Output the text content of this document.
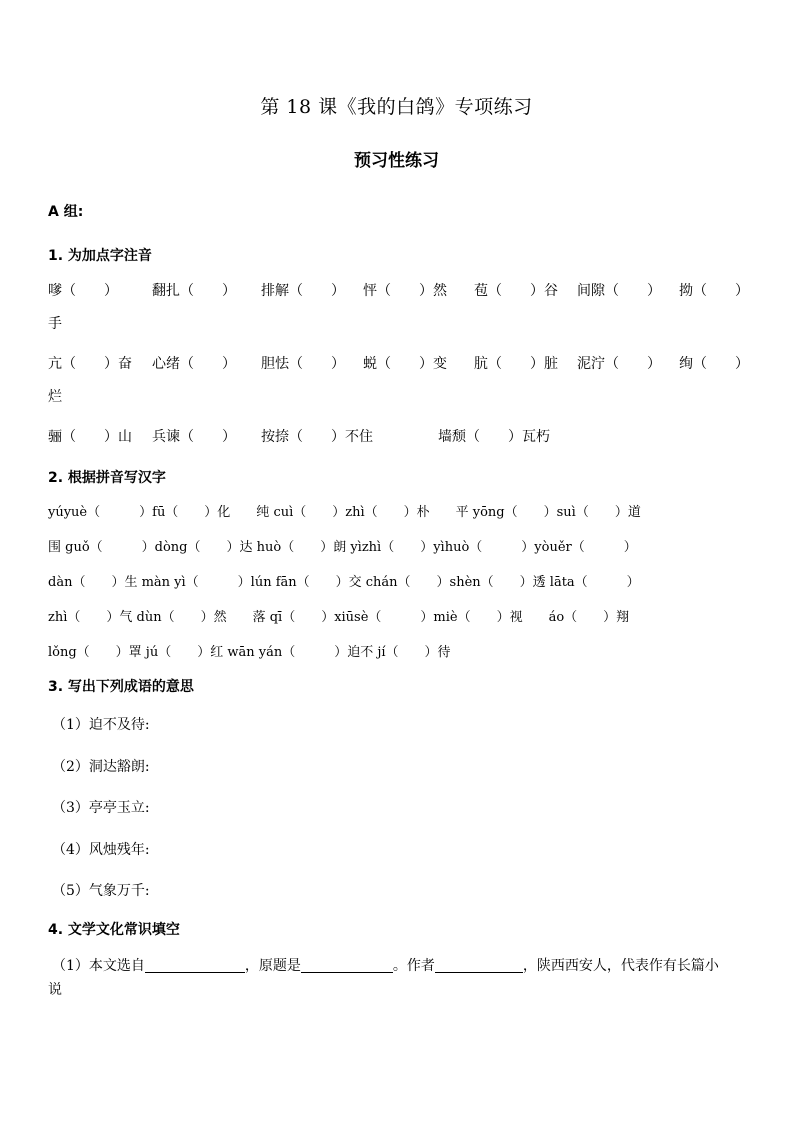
第 18 课《我的白鸽》专项练习
预习性练习
A 组:
1. 为加点字注音
嗲（　　） 翻扎（　　） 排解（　　） 怦（　　）然 苞（　　）谷 间隙（　　） 拗（　　）
手
亢（　　）奋 心绪（　　） 胆怯（　　） 蜕（　　）变 肮（　　）脏 泥泞（　　） 绚（　　）
烂
骊（　　）山 兵谏（　　） 按捺（　　）不住	墙颓（　　）瓦朽
2. 根据拼音写汉字
yúyuè（　　　）fū（　　）化　　纯 cuì（　　）zhì（　　）朴　　平 yōng（　　）suì（　　）道
围 guǒ（　　　）dòng（　　）达 huò（　　）朗 yìzhì（　　）yìhuò（　　　）yòuěr（　　　）
dàn（　　）生 màn yì（　　　）lún fān（　　）交 chán（　　）shèn（　　）透 lāta（　　　）
zhì（　　）气 dùn（　　）然　　落 qī（　　）xiūsè（　　　）miè（　　）视　　áo（　　）翔
lǒng（　　）罩 jú（　　）红 wān yán（　　　）迫不 jí（　　）待
3. 写出下列成语的意思
（1）迫不及待:
（2）洞达豁朗:
（3）亭亭玉立:
（4）风烛残年:
（5）气象万千:
4. 文学文化常识填空
（1）本文选自	，原题是	。作者	，陕西西安人，代表作有长篇小
说
